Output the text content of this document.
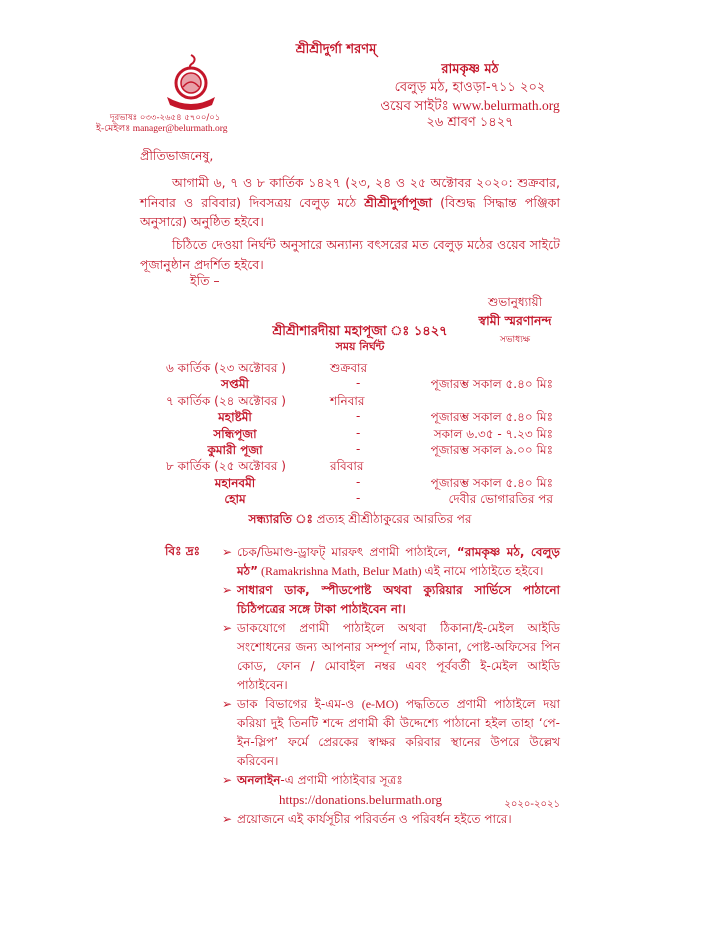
শ্রীশ্রীদুর্গা শরণম্
রামকৃষ্ণ মঠ
বেলুড় মঠ, হাওড়া-৭১১ ২০২
ওয়েব সাইটঃ www.belurmath.org
২৬ শ্রাবণ ১৪২৭
দূরভাষঃ ০৩৩-২৬৫৪ ৫৭০০/০১
ই-মেইলঃ manager@belurmath.org
প্রীতিভাজনেষু,
আগামী ৬, ৭ ও ৮ কার্তিক ১৪২৭ (২৩, ২৪ ও ২৫ অক্টোবর ২০২০: শুক্রবার, শনিবার ও রবিবার) দিবসত্রয় বেলুড় মঠে শ্রীশ্রীদুর্গাপূজা (বিশুদ্ধ সিদ্ধান্ত পঞ্জিকা অনুসারে) অনুষ্ঠিত হইবে।
চিঠিতে দেওয়া নির্ঘন্ট অনুসারে অন্যান্য বৎসরের মত বেলুড় মঠের ওয়েব সাইটে পূজানুষ্ঠান প্রদর্শিত হইবে।
ইতি –
শুভানুধ্যায়ী
স্বামী স্মরণানন্দ
সভাধ্যক্ষ
শ্রীশ্রীশারদীয়া মহাপূজা ঃ ১৪২৭
সময় নির্ঘন্ট
৬ কার্তিক (২৩ অক্টোবর )	শুক্রবার
সপ্তমী	-	পূজারম্ভ সকাল ৫.৪০ মিঃ
৭ কার্তিক (২৪ অক্টোবর )	শনিবার
মহাষ্টমী	-	পূজারম্ভ সকাল ৫.৪০ মিঃ
সন্ধিপূজা	-	সকাল ৬.৩৫ - ৭.২৩ মিঃ
কুমারী পূজা	-	পূজারম্ভ সকাল ৯.০০ মিঃ
৮ কার্তিক (২৫ অক্টোবর )	রবিবার
মহানবমী	-	পূজারম্ভ সকাল ৫.৪০ মিঃ
হোম	-	দেবীর ভোগারতির পর
সন্ধ্যারতি ঃ প্রত্যহ শ্রীশ্রীঠাকুরের আরতির পর
বিঃ দ্রঃ ➢ চেক/ডিমাণ্ড-ড্রাফট্ মারফৎ প্রণামী পাঠাইলে, “রামকৃষ্ণ মঠ, বেলুড় মঠ” (Ramakrishna Math, Belur Math) এই নামে পাঠাইতে হইবে।
➢ সাধারণ ডাক, স্পীডপোষ্ট অথবা ক্যুরিয়ার সার্ভিসে পাঠানো চিঠিপত্রের সঙ্গে টাকা পাঠাইবেন না।
➢ ডাকযোগে প্রণামী পাঠাইলে অথবা ঠিকানা/ই-মেইল আইডি সংশোধনের জন্য আপনার সম্পূর্ণ নাম, ঠিকানা, পোষ্ট-অফিসের পিন কোড, ফোন / মোবাইল নম্বর এবং পূর্ববর্তী ই-মেইল আইডি পাঠাইবেন।
➢ ডাক বিভাগের ই-এম-ও (e-MO) পদ্ধতিতে প্রণামী পাঠাইলে দয়া করিয়া দুই তিনটি শব্দে প্রণামী কী উদ্দেশ্যে পাঠানো হইল তাহা ‘পে-ইন-স্লিপ’ ফর্মে প্রেরকের স্বাক্ষর করিবার স্থানের উপরে উল্লেখ করিবেন।
➢ অনলাইন-এ প্রণামী পাঠাইবার সূত্রঃ
https://donations.belurmath.org
➢ প্রয়োজনে এই কার্যসূচীর পরিবর্তন ও পরিবর্ধন হইতে পারে।
২০২০-২০২১
